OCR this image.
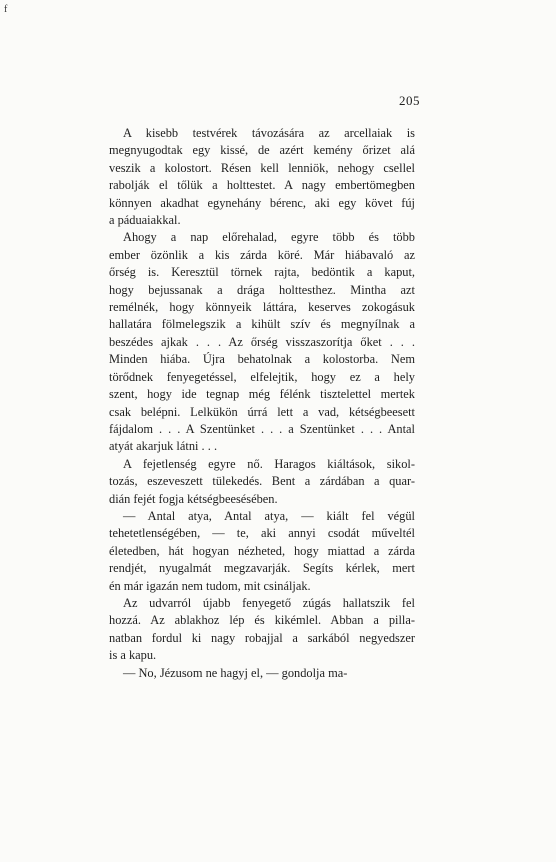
f
205
A kisebb testvérek távozására az arcellaiak is
megnyugodtak egy kissé, de azért kemény őrizet alá
veszik a kolostort. Résen kell lenniök, nehogy csellel
rabolják el tőlük a holttestet. A nagy embertömegben
könnyen akadhat egynehány bérenc, aki egy követ fúj
a páduaiakkal.
Ahogy a nap előrehalad, egyre több és több
ember özönlik a kis zárda köré. Már hiábavaló az
őrség is. Keresztül törnek rajta, bedöntik a kaput,
hogy bejussanak a drága holttesthez. Mintha azt
remélnék, hogy könnyeik láttára, keserves zokogásuk
hallatára fölmelegszik a kihült szív és megnyílnak a
beszédes ajkak . . . Az őrség visszaszorítja őket . . .
Minden hiába. Újra behatolnak a kolostorba. Nem
törődnek fenyegetéssel, elfelejtik, hogy ez a hely
szent, hogy ide tegnap még félénk tisztelettel mertek
csak belépni. Lelkükön úrrá lett a vad, kétségbeesett
fájdalom . . . A Szentünket . . . a Szentünket . . . Antal
atyát akarjuk látni . . .
A fejetlenség egyre nő. Haragos kiáltások, sikol-
tozás, eszeveszett tülekedés. Bent a zárdában a quar-
dián fejét fogja kétségbeesésében.
— Antal atya, Antal atya, — kiált fel végül
tehetetlenségében, — te, aki annyi csodát műveltél
életedben, hát hogyan nézheted, hogy miattad a zárda
rendjét, nyugalmát megzavarják. Segíts kérlek, mert
én már igazán nem tudom, mit csináljak.
Az udvarról újabb fenyegető zúgás hallatszik fel
hozzá. Az ablakhoz lép és kikémlel. Abban a pilla-
natban fordul ki nagy robajjal a sarkából negyedszer
is a kapu.
— No, Jézusom ne hagyj el, — gondolja ma-
